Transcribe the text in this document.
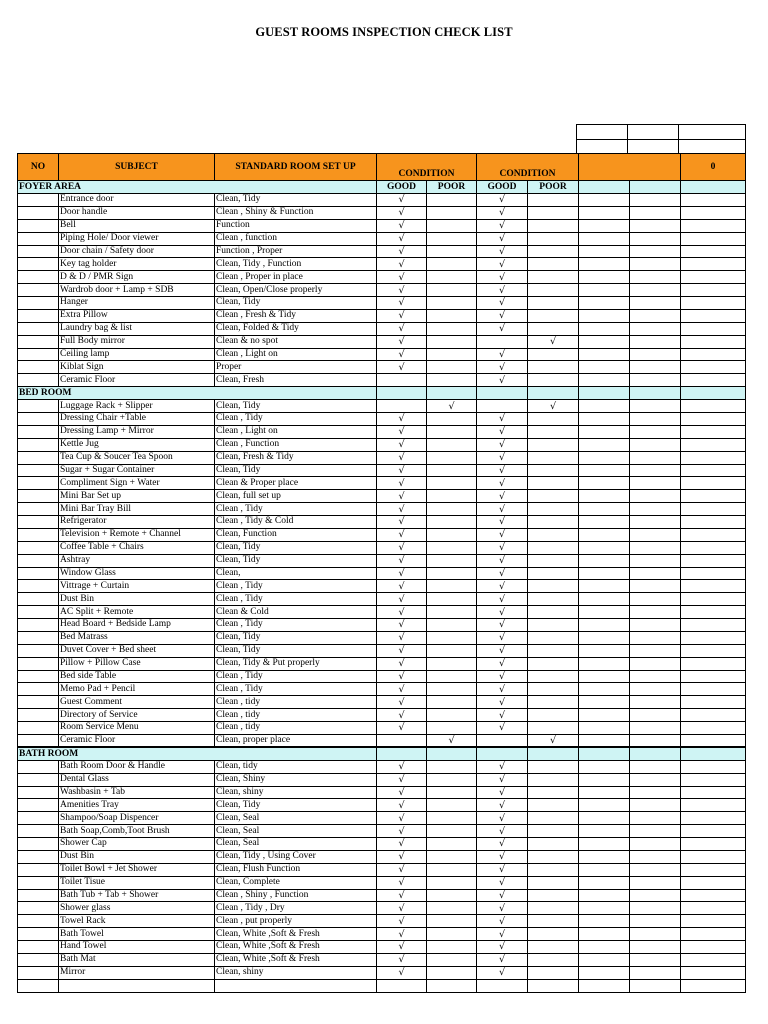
GUEST ROOMS INSPECTION CHECK LIST

NO	SUBJECT	STANDARD ROOM SET UP	CONDITION		CONDITION				0
FOYER AREA			GOOD	POOR	GOOD	POOR			
	Entrance door	Clean, Tidy	√		√				
	Door handle	Clean , Shiny & Function	√		√				
	Bell	Function	√		√				
	Piping Hole/ Door viewer	Clean , function	√		√				
	Door chain / Safety door	Function , Proper	√		√				
	Key tag holder	Clean, Tidy , Function	√		√				
	D & D / PMR Sign	Clean , Proper in place	√		√				
	Wardrob door + Lamp + SDB	Clean, Open/Close properly	√		√				
	Hanger	Clean, Tidy	√		√				
	Extra Pillow	Clean , Fresh & Tidy	√		√				
	Laundry bag & list	Clean, Folded & Tidy	√		√				
	Full Body mirror	Clean & no spot	√			√			
	Ceiling lamp	Clean , Light on	√		√				
	Kiblat Sign	Proper	√		√				
	Ceramic Floor	Clean, Fresh			√				
BED ROOM									
	Luggage Rack + Slipper	Clean, Tidy		√		√			
	Dressing Chair +Table	Clean , Tidy	√		√				
	Dressing Lamp + Mirror	Clean , Light on	√		√				
	Kettle Jug	Clean , Function	√		√				
	Tea Cup & Soucer Tea Spoon	Clean, Fresh & Tidy	√		√				
	Sugar + Sugar Container	Clean, Tidy	√		√				
	Compliment Sign + Water	Clean & Proper place	√		√				
	Mini Bar Set up	Clean, full set up	√		√				
	Mini Bar Tray Bill	Clean , Tidy	√		√				
	Refrigerator	Clean , Tidy & Cold	√		√				
	Television + Remote + Channel	Clean, Function	√		√				
	Coffee Table + Chairs	Clean, Tidy	√		√				
	Ashtray	Clean, Tidy	√		√				
	Window Glass	Clean,	√		√				
	Vittrage + Curtain	Clean , Tidy	√		√				
	Dust Bin	Clean , Tidy	√		√				
	AC Split + Remote	Clean & Cold	√		√				
	Head Board + Bedside Lamp	Clean , Tidy	√		√				
	Bed Matrass	Clean, Tidy	√		√				
	Duvet Cover + Bed sheet	Clean, Tidy	√		√				
	Pillow + Pillow Case	Clean, Tidy & Put properly	√		√				
	Bed side Table	Clean , Tidy	√		√				
	Memo Pad + Pencil	Clean , Tidy	√		√				
	Guest Comment	Clean , tidy	√		√				
	Directory of Service	Clean , tidy	√		√				
	Room Service Menu	Clean , tidy	√		√				
	Ceramic Floor	Clean, proper place		√		√			
BATH ROOM									
	Bath Room Door & Handle	Clean, tidy	√		√				
	Dental Glass	Clean, Shiny	√		√				
	Washbasin + Tab	Clean, shiny	√		√				
	Amenities Tray	Clean, Tidy	√		√				
	Shampoo/Soap Dispencer	Clean, Seal	√		√				
	Bath Soap,Comb,Toot Brush	Clean, Seal	√		√				
	Shower Cap	Clean, Seal	√		√				
	Dust Bin	Clean, Tidy , Using Cover	√		√				
	Toilet Bowl + Jet Shower	Clean, Flush Function	√		√				
	Toilet Tisue	Clean, Complete	√		√				
	Bath Tub + Tab + Shower	Clean , Shiny , Function	√		√				
	Shower glass	Clean , Tidy , Dry	√		√				
	Towel Rack	Clean , put properly	√		√				
	Bath Towel	Clean, White ,Soft & Fresh	√		√				
	Hand Towel	Clean, White ,Soft & Fresh	√		√				
	Bath Mat	Clean, White ,Soft & Fresh	√		√				
	Mirror	Clean, shiny	√		√				
